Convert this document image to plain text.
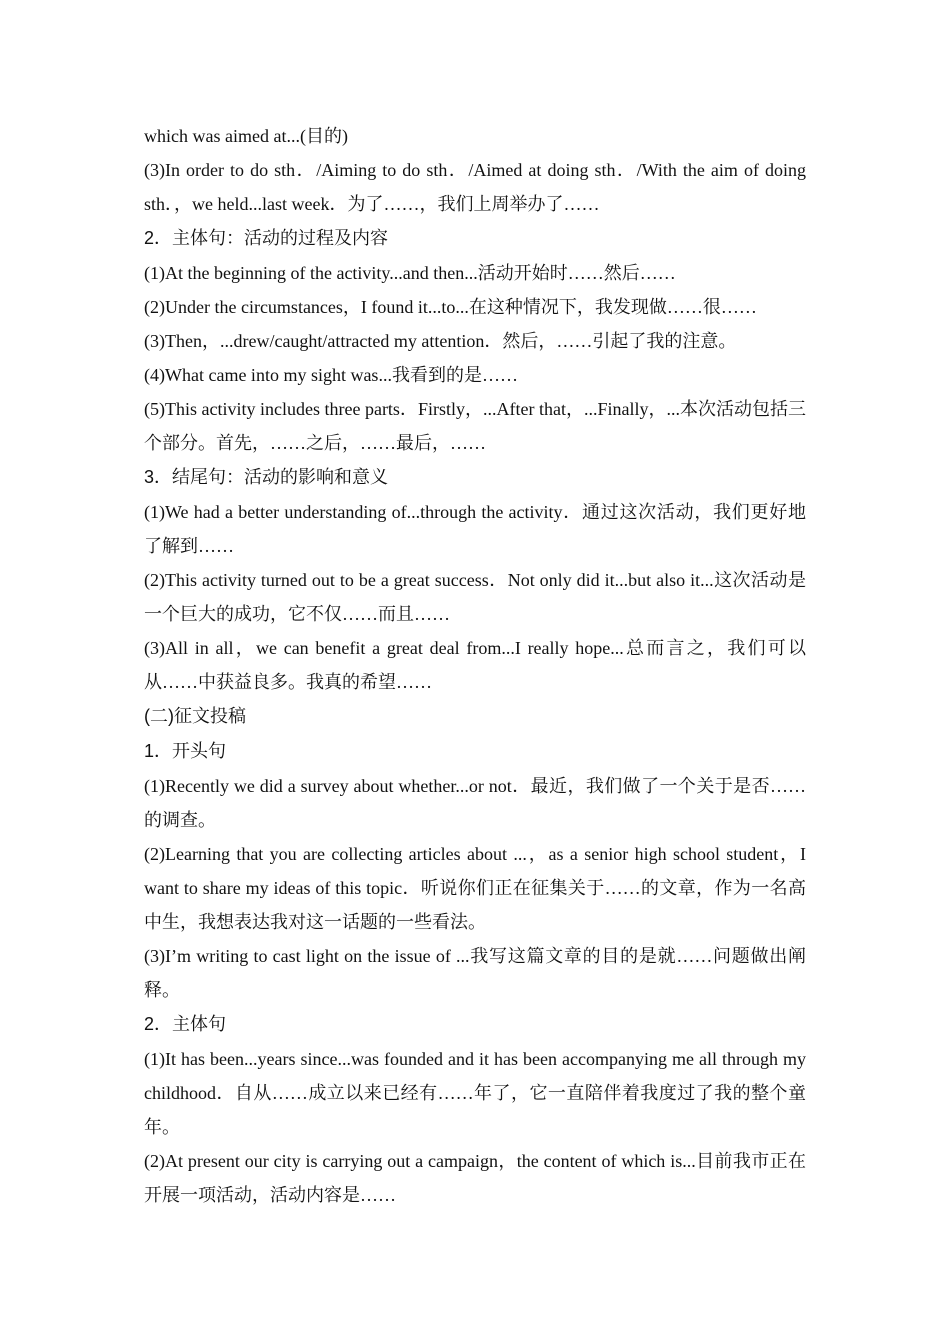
which was aimed at...(目的)

(3)In order to do sth．/Aiming to do sth．/Aimed at doing sth．/With the aim of doing sth．，we held...last week．为了……，我们上周举办了……

2．主体句：活动的过程及内容

(1)At the beginning of the activity...and then...活动开始时……然后……

(2)Under the circumstances，I found it...to...在这种情况下，我发现做……很……

(3)Then，...drew/caught/attracted my attention．然后，……引起了我的注意。

(4)What came into my sight was...我看到的是……

(5)This activity includes three parts．Firstly，...After that，...Finally，...本次活动包括三个部分。首先，……之后，……最后，……

3．结尾句：活动的影响和意义

(1)We had a better understanding of...through the activity．通过这次活动，我们更好地了解到……

(2)This activity turned out to be a great success．Not only did it...but also it...这次活动是一个巨大的成功，它不仅……而且……

(3)All in all，we can benefit a great deal from...I really hope...总而言之，我们可以从……中获益良多。我真的希望……

(二)征文投稿

1．开头句

(1)Recently we did a survey about whether...or not．最近，我们做了一个关于是否……的调查。

(2)Learning that you are collecting articles about ...，as a senior high school student，I want to share my ideas of this topic．听说你们正在征集关于……的文章，作为一名高中生，我想表达我对这一话题的一些看法。

(3)I’m writing to cast light on the issue of ...我写这篇文章的目的是就……问题做出阐释。

2．主体句

(1)It has been...years since...was founded and it has been accompanying me all through my childhood．自从……成立以来已经有……年了，它一直陪伴着我度过了我的整个童年。

(2)At present our city is carrying out a campaign，the content of which is...目前我市正在开展一项活动，活动内容是……
